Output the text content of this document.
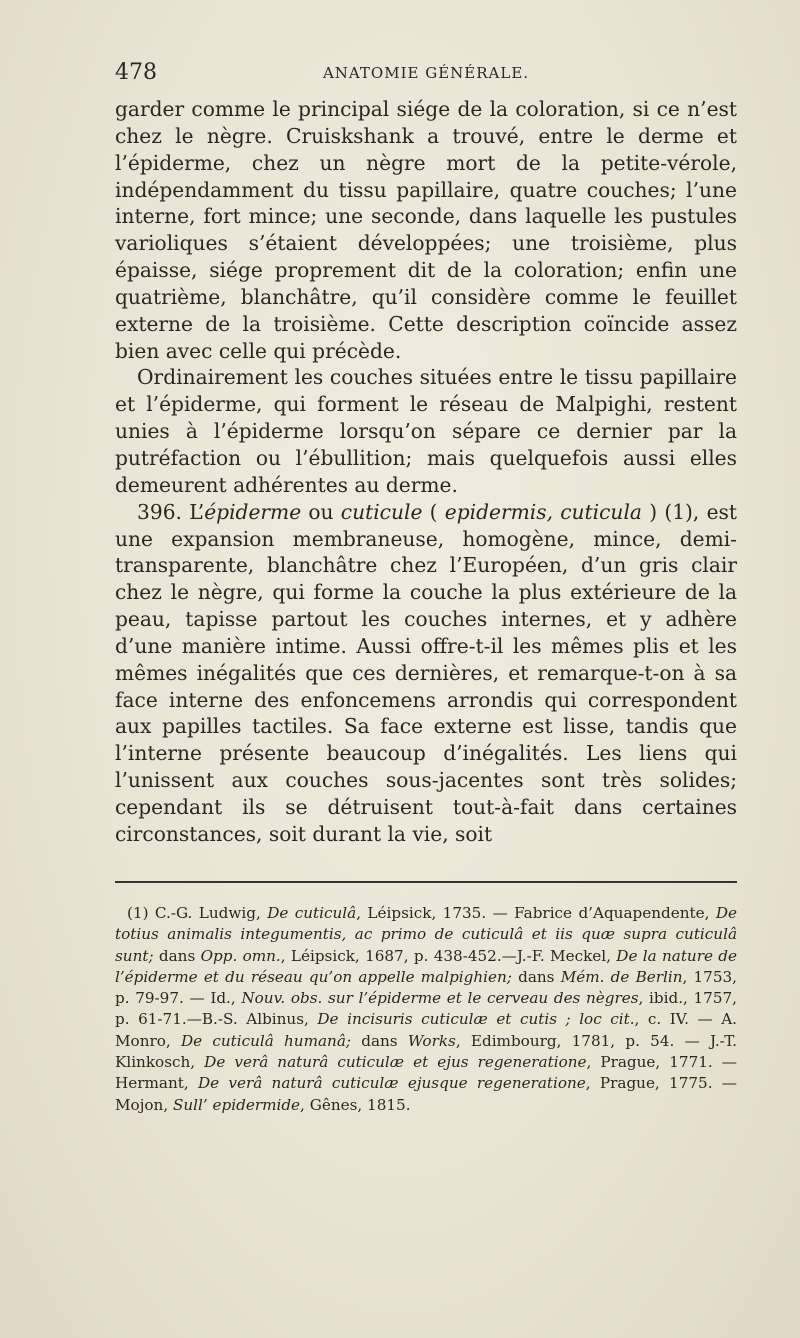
478	ANATOMIE GÉNÉRALE.

garder comme le principal siége de la coloration, si ce n’est chez le nègre. Cruiskshank a trouvé, entre le derme et l’épiderme, chez un nègre mort de la petite-vérole, indépendamment du tissu papillaire, quatre couches; l’une interne, fort mince; une seconde, dans laquelle les pustules varioliques s’étaient développées; une troisième, plus épaisse, siége proprement dit de la coloration; enfin une quatrième, blanchâtre, qu’il considère comme le feuillet externe de la troisième. Cette description coïncide assez bien avec celle qui précède.

Ordinairement les couches situées entre le tissu papillaire et l’épiderme, qui forment le réseau de Malpighi, restent unies à l’épiderme lorsqu’on sépare ce dernier par la putréfaction ou l’ébullition; mais quelquefois aussi elles demeurent adhérentes au derme.

396. L’épiderme ou cuticule ( epidermis, cuticula ) (1), est une expansion membraneuse, homogène, mince, demi-transparente, blanchâtre chez l’Européen, d’un gris clair chez le nègre, qui forme la couche la plus extérieure de la peau, tapisse partout les couches internes, et y adhère d’une manière intime. Aussi offre-t-il les mêmes plis et les mêmes inégalités que ces dernières, et remarque-t-on à sa face interne des enfoncemens arrondis qui correspondent aux papilles tactiles. Sa face externe est lisse, tandis que l’interne présente beaucoup d’inégalités. Les liens qui l’unissent aux couches sous-jacentes sont très solides; cependant ils se détruisent tout-à-fait dans certaines circonstances, soit durant la vie, soit

(1) C.-G. Ludwig, De cuticulâ, Léipsick, 1735. — Fabrice d’Aquapendente, De totius animalis integumentis, ac primo de cuticulâ et iis quæ supra cuticulâ sunt; dans Opp. omn., Léipsick, 1687, p. 438-452.—J.-F. Meckel, De la nature de l’épiderme et du réseau qu’on appelle malpighien; dans Mém. de Berlin, 1753, p. 79-97. — Id., Nouv. obs. sur l’épiderme et le cerveau des nègres, ibid., 1757, p. 61-71.—B.-S. Albinus, De incisuris cuticulæ et cutis ; loc cit., c. IV. — A. Monro, De cuticulâ humanâ; dans Works, Edimbourg, 1781, p. 54. — J.-T. Klinkosch, De verâ naturâ cuticulæ et ejus regeneratione, Prague, 1771. — Hermant, De verâ naturâ cuticulæ ejusque regeneratione, Prague, 1775. — Mojon, Sull’ epidermide, Gênes, 1815.
